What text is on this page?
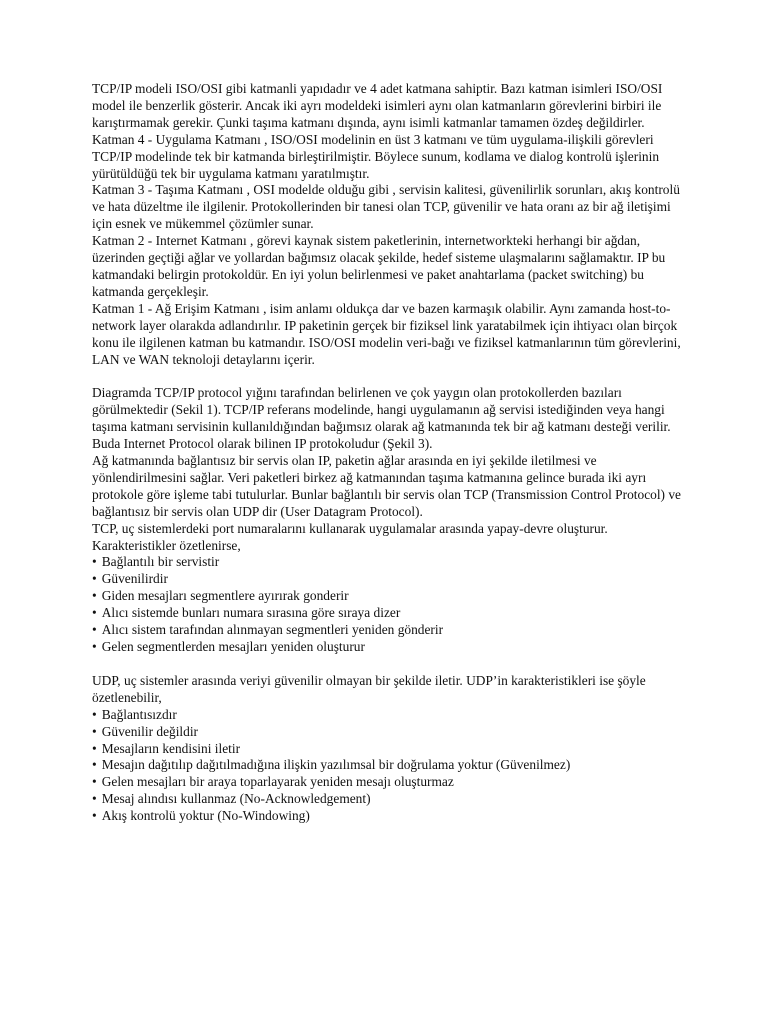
TCP/IP modeli ISO/OSI gibi katmanli yapıdadır ve 4 adet katmana sahiptir. Bazı katman isimleri ISO/OSI model ile benzerlik gösterir. Ancak iki ayrı modeldeki isimleri aynı olan katmanların görevlerini birbiri ile karıştırmamak gerekir. Çunki taşıma katmanı dışında, aynı isimli katmanlar tamamen özdeş değildirler.

Katman 4 - Uygulama Katmanı , ISO/OSI modelinin en üst 3 katmanı ve tüm uygulama-ilişkili görevleri TCP/IP modelinde tek bir katmanda birleştirilmiştir. Böylece sunum, kodlama ve dialog kontrolü işlerinin yürütüldüğü tek bir uygulama katmanı yaratılmıştır.

Katman 3 - Taşıma Katmanı , OSI modelde olduğu gibi , servisin kalitesi, güvenilirlik sorunları, akış kontrolü ve hata düzeltme ile ilgilenir. Protokollerinden bir tanesi olan TCP, güvenilir ve hata oranı az bir ağ iletişimi için esnek ve mükemmel çözümler sunar.

Katman 2 - Internet Katmanı , görevi kaynak sistem paketlerinin, internetworkteki herhangi bir ağdan, üzerinden geçtiği ağlar ve yollardan bağımsız olacak şekilde, hedef sisteme ulaşmalarını sağlamaktır. IP bu katmandaki belirgin protokoldür. En iyi yolun belirlenmesi ve paket anahtarlama (packet switching) bu katmanda gerçekleşir.

Katman 1 - Ağ Erişim Katmanı , isim anlamı oldukça dar ve bazen karmaşık olabilir. Aynı zamanda host-to-network layer olarakda adlandırılır. IP paketinin gerçek bir fiziksel link yaratabilmek için ihtiyacı olan birçok konu ile ilgilenen katman bu katmandır. ISO/OSI modelin veri-bağı ve fiziksel katmanlarının tüm görevlerini, LAN ve WAN teknoloji detaylarını içerir.

Diagramda TCP/IP protocol yığını tarafından belirlenen ve çok yaygın olan protokollerden bazıları görülmektedir (Sekil 1). TCP/IP referans modelinde, hangi uygulamanın ağ servisi istediğinden veya hangi taşıma katmanı servisinin kullanıldığından bağımsız olarak ağ katmanında tek bir ağ katmanı desteği verilir. Buda Internet Protocol olarak bilinen IP protokoludur (Şekil 3).

Ağ katmanında bağlantısız bir servis olan IP, paketin ağlar arasında en iyi şekilde iletilmesi ve yönlendirilmesini sağlar. Veri paketleri birkez ağ katmanından taşıma katmanına gelince burada iki ayrı protokole göre işleme tabi tutulurlar. Bunlar bağlantılı bir servis olan TCP (Transmission Control Protocol) ve bağlantısız bir servis olan UDP dir (User Datagram Protocol).

TCP, uç sistemlerdeki port numaralarını kullanarak uygulamalar arasında yapay-devre oluşturur. Karakteristikler özetlenirse,

• Bağlantılı bir servistir
• Güvenilirdir
• Giden mesajları segmentlere ayırırak gonderir
• Alıcı sistemde bunları numara sırasına göre sıraya dizer
• Alıcı sistem tarafından alınmayan segmentleri yeniden gönderir
• Gelen segmentlerden mesajları yeniden oluşturur

UDP, uç sistemler arasında veriyi güvenilir olmayan bir şekilde iletir. UDP’in karakteristikleri ise şöyle özetlenebilir,

• Bağlantısızdır
• Güvenilir değildir
• Mesajların kendisini iletir
• Mesajın dağıtılıp dağıtılmadığına ilişkin yazılımsal bir doğrulama yoktur (Güvenilmez)
• Gelen mesajları bir araya toparlayarak yeniden mesajı oluşturmaz
• Mesaj alındısı kullanmaz (No-Acknowledgement)
• Akış kontrolü yoktur (No-Windowing)
